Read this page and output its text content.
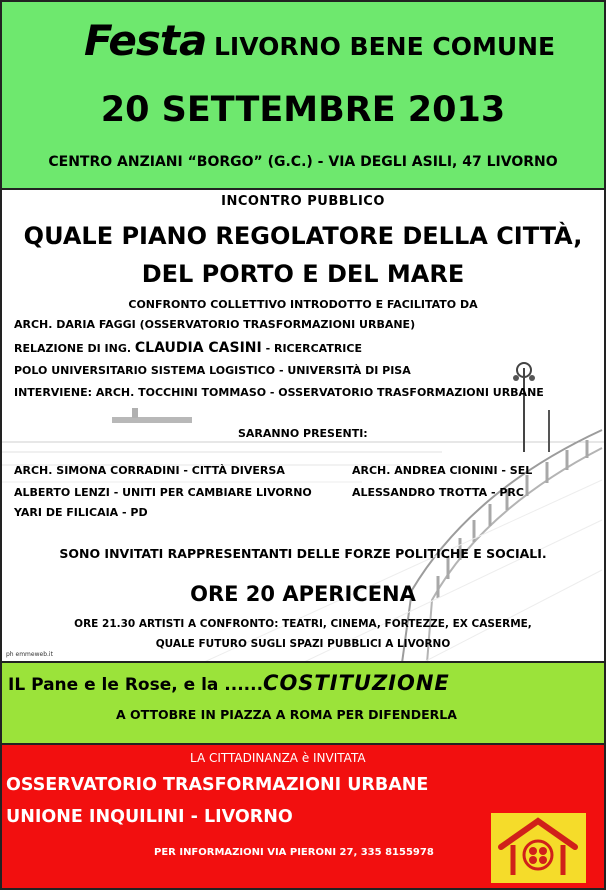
Festa LIVORNO BENE COMUNE
20 SETTEMBRE 2013
CENTRO ANZIANI “BORGO” (G.C.) - VIA DEGLI ASILI, 47 LIVORNO
INCONTRO PUBBLICO
QUALE PIANO REGOLATORE DELLA CITTÀ,
DEL PORTO E DEL MARE
CONFRONTO COLLETTIVO INTRODOTTO E FACILITATO DA
ARCH. DARIA FAGGI (OSSERVATORIO TRASFORMAZIONI URBANE)
RELAZIONE DI ING. CLAUDIA CASINI - RICERCATRICE
POLO UNIVERSITARIO SISTEMA LOGISTICO - UNIVERSITÀ DI PISA
INTERVIENE: ARCH. TOCCHINI TOMMASO - OSSERVATORIO TRASFORMAZIONI URBANE
SARANNO PRESENTI:
ARCH. SIMONA CORRADINI - CITTÀ DIVERSA
ALBERTO LENZI - UNITI PER CAMBIARE LIVORNO
YARI DE FILICAIA - PD
ARCH. ANDREA CIONINI - SEL
ALESSANDRO TROTTA - PRC
SONO INVITATI RAPPRESENTANTI DELLE FORZE POLITICHE E SOCIALI.
ORE 20 APERICENA
ORE 21.30 ARTISTI A CONFRONTO: TEATRI, CINEMA, FORTEZZE, EX CASERME,
QUALE FUTURO SUGLI SPAZI PUBBLICI A LIVORNO
ph emmeweb.it
IL Pane e le Rose, e la ......COSTITUZIONE
A OTTOBRE IN PIAZZA A ROMA PER DIFENDERLA
LA CITTADINANZA è INVITATA
OSSERVATORIO TRASFORMAZIONI URBANE
UNIONE INQUILINI - LIVORNO
PER INFORMAZIONI VIA PIERONI 27, 335 8155978
